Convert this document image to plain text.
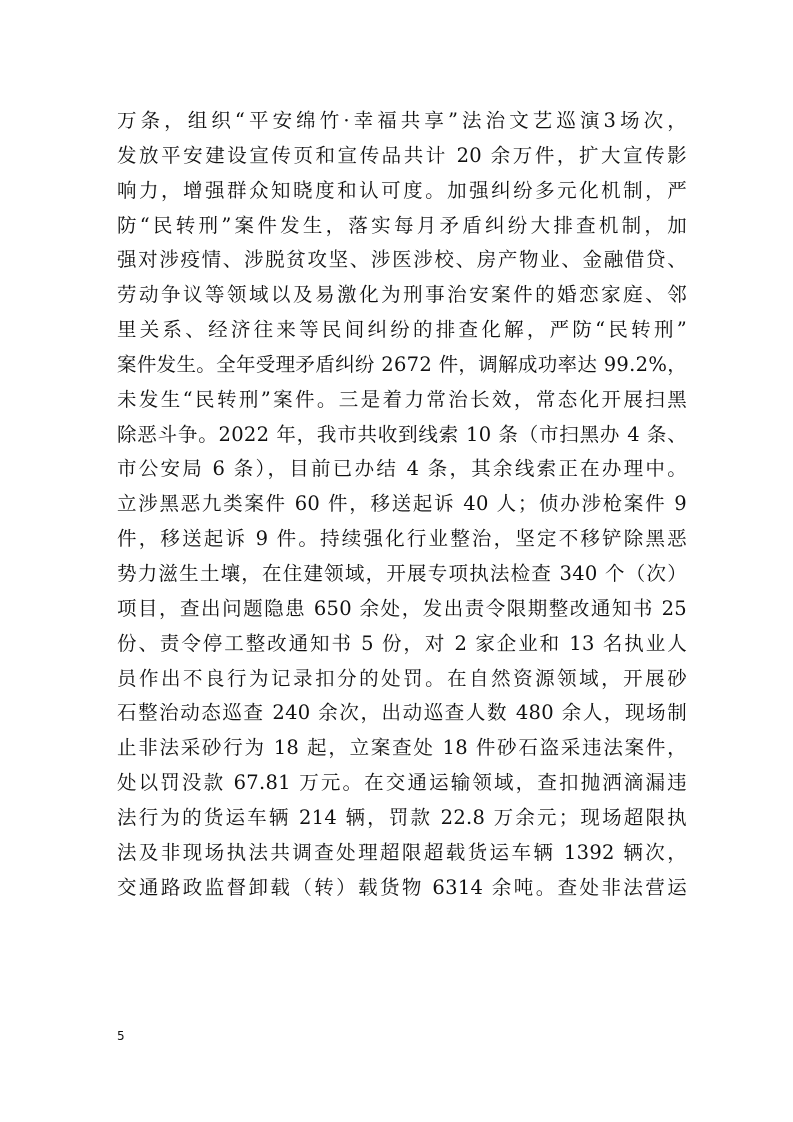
万条，组织“平安绵竹·幸福共享”法治文艺巡演3场次，
发放平安建设宣传页和宣传品共计 20 余万件，扩大宣传影
响力，增强群众知晓度和认可度。加强纠纷多元化机制，严
防“民转刑”案件发生，落实每月矛盾纠纷大排查机制，加
强对涉疫情、涉脱贫攻坚、涉医涉校、房产物业、金融借贷、
劳动争议等领域以及易激化为刑事治安案件的婚恋家庭、邻
里关系、经济往来等民间纠纷的排查化解，严防“民转刑”
案件发生。全年受理矛盾纠纷 2672 件，调解成功率达 99.2%，
未发生“民转刑”案件。三是着力常治长效，常态化开展扫黑
除恶斗争。2022 年，我市共收到线索 10 条（市扫黑办 4 条、
市公安局 6 条），目前已办结 4 条，其余线索正在办理中。
立涉黑恶九类案件 60 件，移送起诉 40 人；侦办涉枪案件 9
件，移送起诉 9 件。持续强化行业整治，坚定不移铲除黑恶
势力滋生土壤，在住建领域，开展专项执法检查 340 个（次）
项目，查出问题隐患 650 余处，发出责令限期整改通知书 25
份、责令停工整改通知书 5 份，对 2 家企业和 13 名执业人
员作出不良行为记录扣分的处罚。在自然资源领域，开展砂
石整治动态巡查 240 余次，出动巡查人数 480 余人，现场制
止非法采砂行为 18 起，立案查处 18 件砂石盗采违法案件，
处以罚没款 67.81 万元。在交通运输领域，查扣抛洒滴漏违
法行为的货运车辆 214 辆，罚款 22.8 万余元；现场超限执
法及非现场执法共调查处理超限超载货运车辆 1392 辆次，
交通路政监督卸载（转）载货物 6314 余吨。查处非法营运
5
